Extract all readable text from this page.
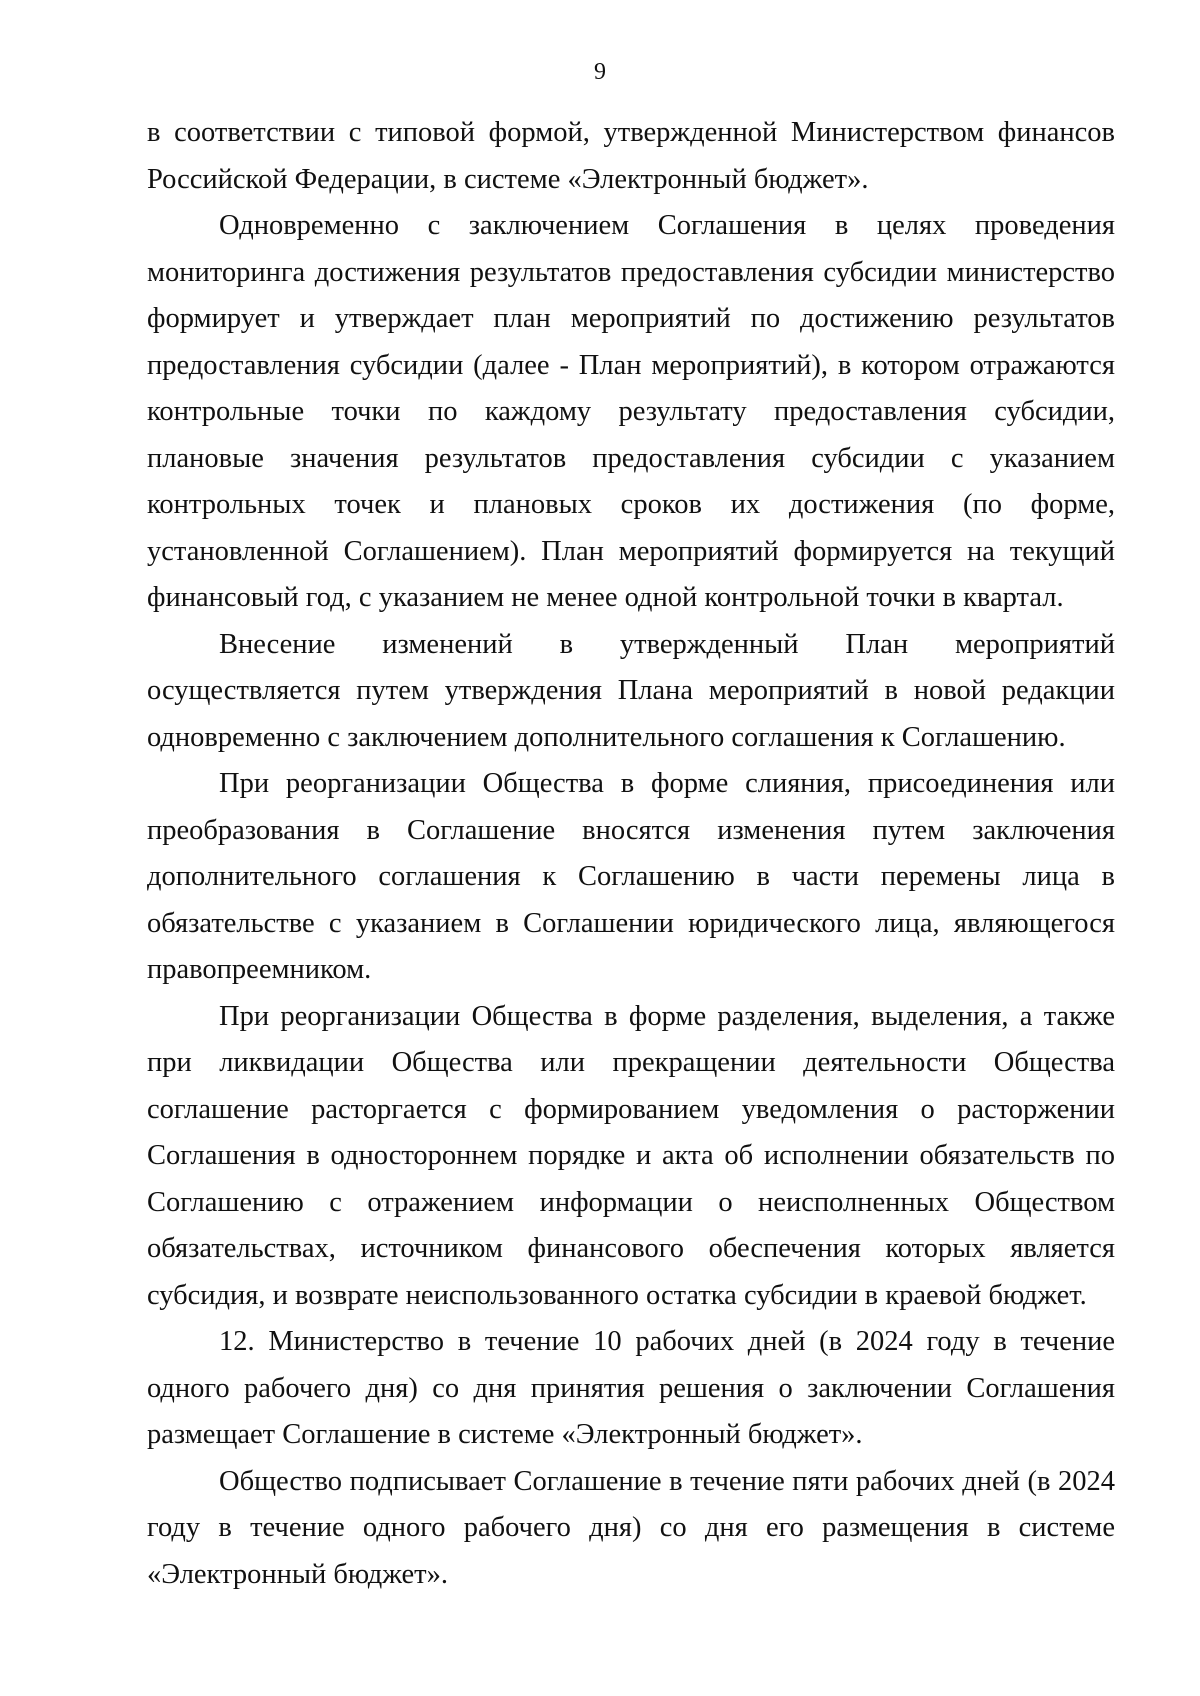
9

в соответствии с типовой формой, утвержденной Министерством финансов Российской Федерации, в системе «Электронный бюджет».

Одновременно с заключением Соглашения в целях проведения мониторинга достижения результатов предоставления субсидии министерство формирует и утверждает план мероприятий по достижению результатов предоставления субсидии (далее - План мероприятий), в котором отражаются контрольные точки по каждому результату предоставления субсидии, плановые значения результатов предоставления субсидии с указанием контрольных точек и плановых сроков их достижения (по форме, установленной Соглашением). План мероприятий формируется на текущий финансовый год, с указанием не менее одной контрольной точки в квартал.

Внесение изменений в утвержденный План мероприятий осуществляется путем утверждения Плана мероприятий в новой редакции одновременно с заключением дополнительного соглашения к Соглашению.

При реорганизации Общества в форме слияния, присоединения или преобразования в Соглашение вносятся изменения путем заключения дополнительного соглашения к Соглашению в части перемены лица в обязательстве с указанием в Соглашении юридического лица, являющегося правопреемником.

При реорганизации Общества в форме разделения, выделения, а также при ликвидации Общества или прекращении деятельности Общества соглашение расторгается с формированием уведомления о расторжении Соглашения в одностороннем порядке и акта об исполнении обязательств по Соглашению с отражением информации о неисполненных Обществом обязательствах, источником финансового обеспечения которых является субсидия, и возврате неиспользованного остатка субсидии в краевой бюджет.

12. Министерство в течение 10 рабочих дней (в 2024 году в течение одного рабочего дня) со дня принятия решения о заключении Соглашения размещает Соглашение в системе «Электронный бюджет».

Общество подписывает Соглашение в течение пяти рабочих дней (в 2024 году в течение одного рабочего дня) со дня его размещения в системе «Электронный бюджет».
